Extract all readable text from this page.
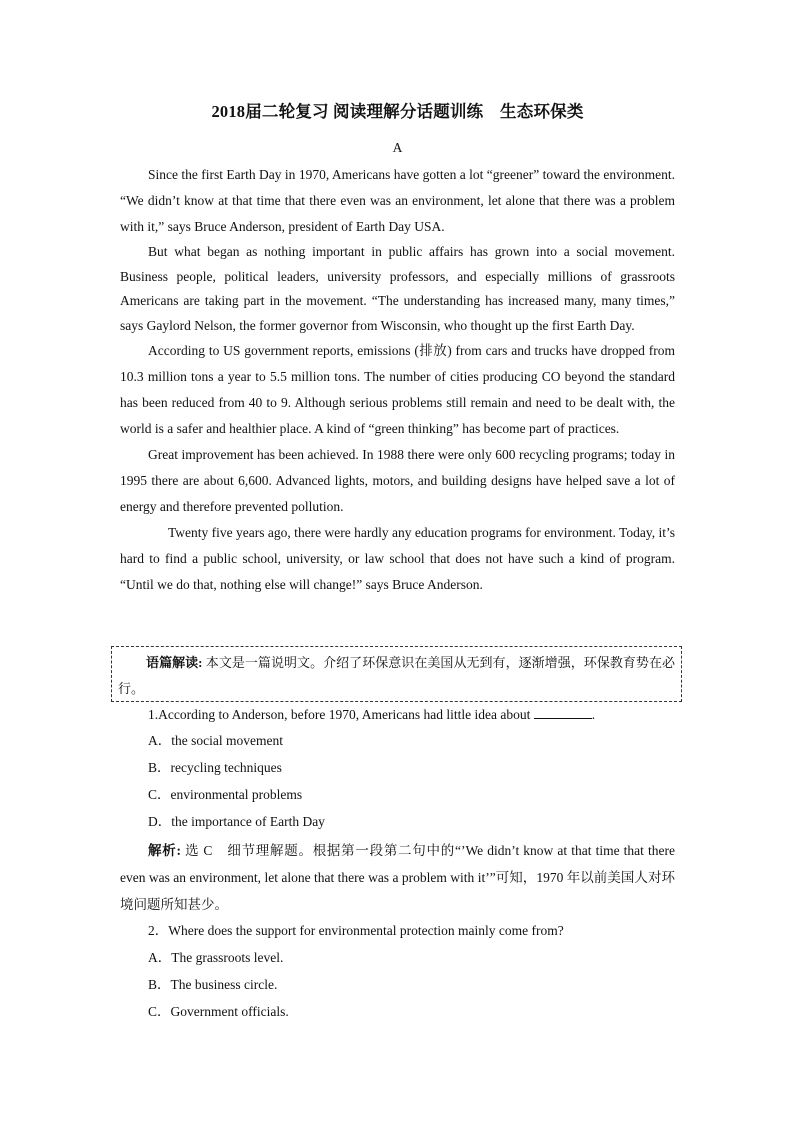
2018届二轮复习 阅读理解分话题训练　生态环保类
A

Since the first Earth Day in 1970, Americans have gotten a lot “greener” toward the environment. “We didn’t know at that time that there even was an environment, let alone that there was a problem with it,” says Bruce Anderson, president of Earth Day USA.

But what began as nothing important in public affairs has grown into a social movement. Business people, political leaders, university professors, and especially millions of grassroots Americans are taking part in the movement. “The understanding has increased many, many times,” says Gaylord Nelson, the former governor from Wisconsin, who thought up the first Earth Day.

According to US government reports, emissions (排放) from cars and trucks have dropped from 10.3 million tons a year to 5.5 million tons. The number of cities producing CO beyond the standard has been reduced from 40 to 9. Although serious problems still remain and need to be dealt with, the world is a safer and healthier place. A kind of “green thinking” has become part of practices.

Great improvement has been achieved. In 1988 there were only 600 recycling programs; today in 1995 there are about 6,600. Advanced lights, motors, and building designs have helped save a lot of energy and therefore prevented pollution.

Twenty five years ago, there were hardly any education programs for environment. Today, it’s hard to find a public school, university, or law school that does not have such a kind of program. “Until we do that, nothing else will change!” says Bruce Anderson.

语篇解读: 本文是一篇说明文。介绍了环保意识在美国从无到有，逐渐增强，环保教育势在必行。
1.According to Anderson, before 1970, Americans had little idea about	.
A．the social movement
B．recycling techniques
C．environmental problems
D．the importance of Earth Day
解析: 选 C　细节理解题。根据第一段第二句中的“’We didn’t know at that time that there even was an environment, let alone that there was a problem with it’”可知，1970 年以前美国人对环境问题所知甚少。
2．Where does the support for environmental protection mainly come from?
A．The grassroots level.
B．The business circle.
C．Government officials.
